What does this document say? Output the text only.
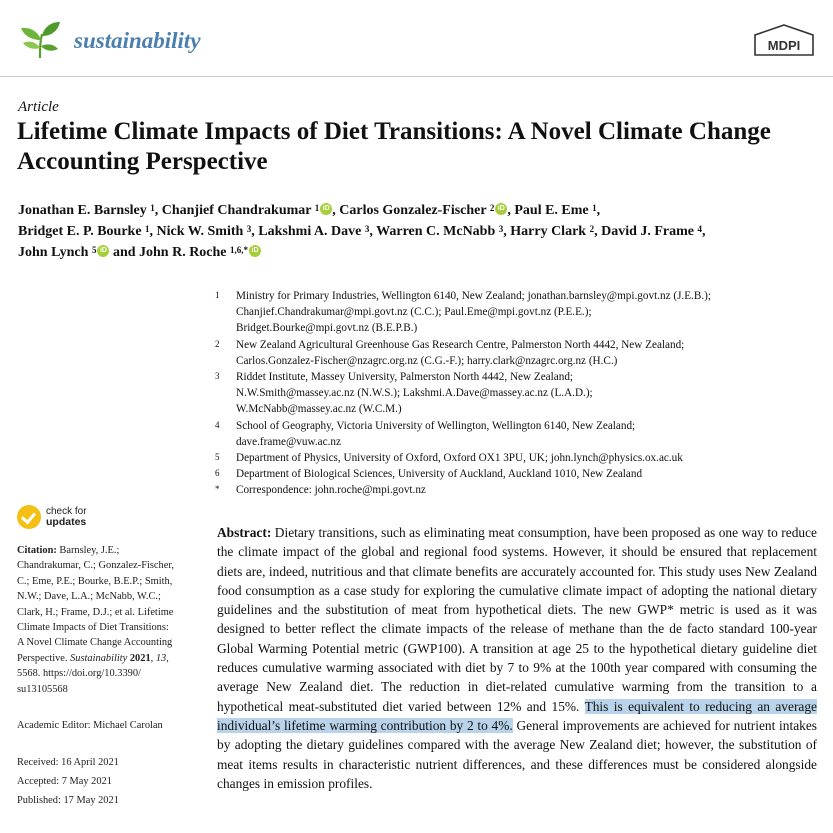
sustainability	MDPI
Article
Lifetime Climate Impacts of Diet Transitions: A Novel Climate Change Accounting Perspective
Jonathan E. Barnsley $^1$, Chanjief Chandrakumar $^1$ iD , Carlos Gonzalez-Fischer $^2$ iD , Paul E. Eme $^1$,
Bridget E. P. Bourke $^1$, Nick W. Smith $^3$, Lakshmi A. Dave $^3$, Warren C. McNabb $^3$, Harry Clark $^2$, David J. Frame $^4$,
John Lynch $^5$iD and John R. Roche $^{1,6,*}$iD
1	Ministry for Primary Industries, Wellington 6140, New Zealand; jonathan.barnsley@mpi.govt.nz (J.E.B.);
Chanjief.Chandrakumar@mpi.govt.nz (C.C.); Paul.Eme@mpi.govt.nz (P.E.E.);
Bridget.Bourke@mpi.govt.nz (B.E.P.B.)
2	New Zealand Agricultural Greenhouse Gas Research Centre, Palmerston North 4442, New Zealand;
Carlos.Gonzalez-Fischer@nzagrc.org.nz (C.G.-F.); harry.clark@nzagrc.org.nz (H.C.)
3	Riddet Institute, Massey University, Palmerston North 4442, New Zealand;
N.W.Smith@massey.ac.nz (N.W.S.); Lakshmi.A.Dave@massey.ac.nz (L.A.D.);
W.McNabb@massey.ac.nz (W.C.M.)
4	School of Geography, Victoria University of Wellington, Wellington 6140, New Zealand;
dave.frame@vuw.ac.nz
5	Department of Physics, University of Oxford, Oxford OX1 3PU, UK; john.lynch@physics.ox.ac.uk
6	Department of Biological Sciences, University of Auckland, Auckland 1010, New Zealand
*	Correspondence: john.roche@mpi.govt.nz
check for
updates
Citation: Barnsley, J.E.;
Chandrakumar, C.; Gonzalez-Fischer,
C.; Eme, P.E.; Bourke, B.E.P.; Smith,
N.W.; Dave, L.A.; McNabb, W.C.;
Clark, H.; Frame, D.J.; et al. Lifetime
Climate Impacts of Diet Transitions:
A Novel Climate Change Accounting
Perspective. Sustainability 2021, 13,
5568. https://doi.org/10.3390/
su13105568
Academic Editor: Michael Carolan
Received: 16 April 2021
Accepted: 7 May 2021
Published: 17 May 2021
Abstract: Dietary transitions, such as eliminating meat consumption, have been proposed as one way to reduce the climate impact of the global and regional food systems. However, it should be ensured that replacement diets are, indeed, nutritious and that climate benefits are accurately accounted for. This study uses New Zealand food consumption as a case study for exploring the cumulative climate impact of adopting the national dietary guidelines and the substitution of meat from hypothetical diets. The new GWP* metric is used as it was designed to better reflect the climate impacts of the release of methane than the de facto standard 100-year Global Warming Potential metric (GWP100). A transition at age 25 to the hypothetical dietary guideline diet reduces cumulative warming associated with diet by 7 to 9% at the 100th year compared with consuming the average New Zealand diet. The reduction in diet-related cumulative warming from the transition to a hypothetical meat-substituted diet varied between 12% and 15%. This is equivalent to reducing an average individual’s lifetime warming contribution by 2 to 4%. General improvements are achieved for nutrient intakes by adopting the dietary guidelines compared with the average New Zealand diet; however, the substitution of meat items results in characteristic nutrient differences, and these differences must be considered alongside changes in emission profiles.
